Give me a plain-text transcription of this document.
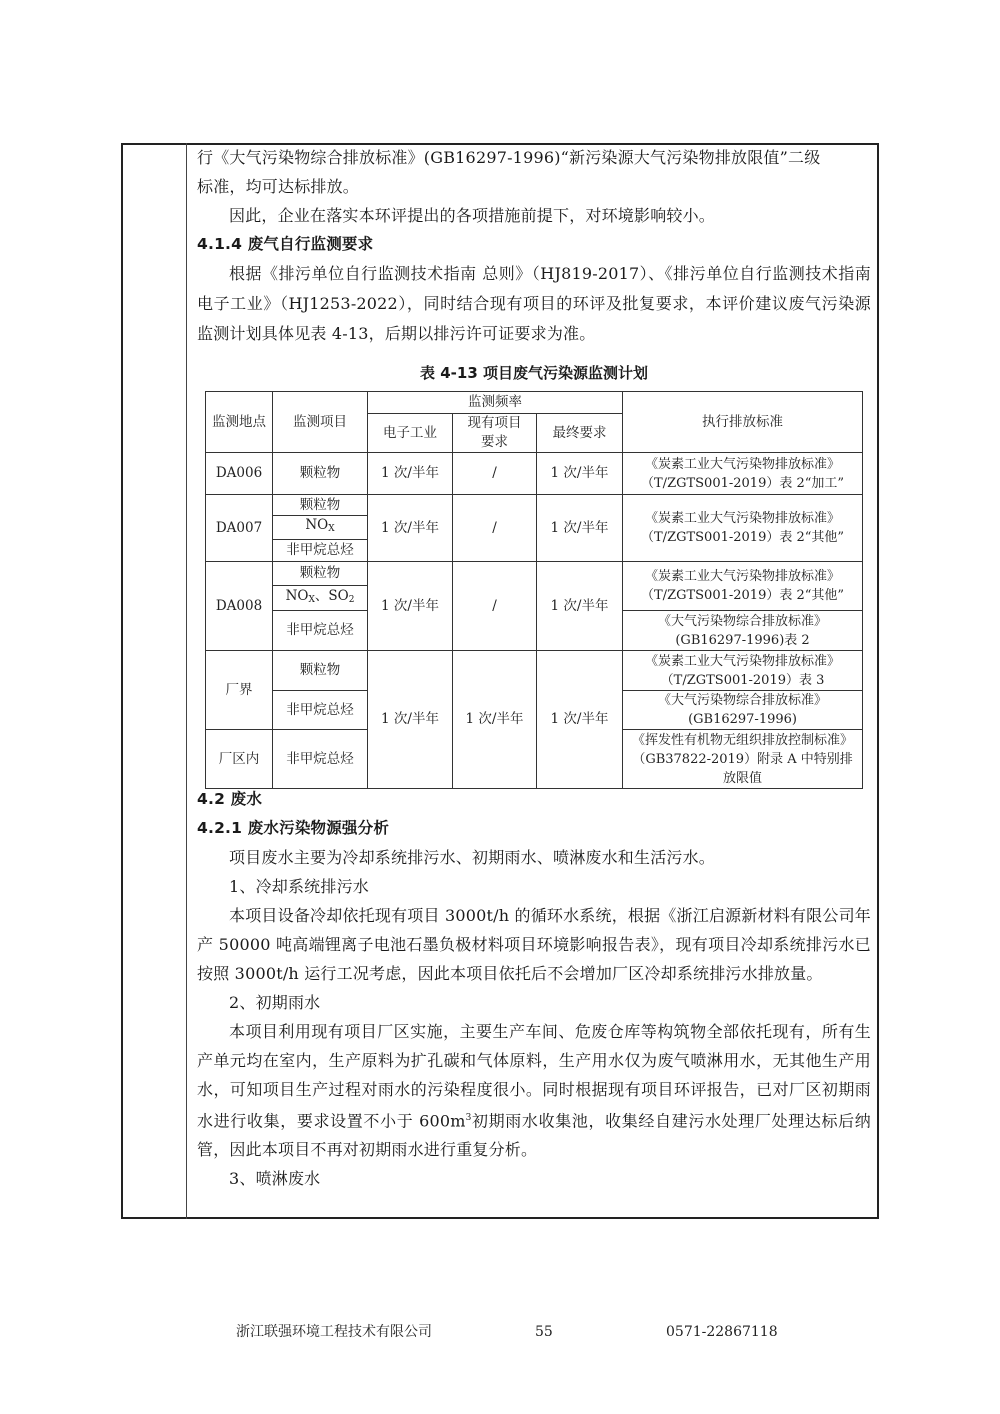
行《大气污染物综合排放标准》(GB16297-1996)“新污染源大气污染物排放限值”二级

标准，均可达标排放。

因此，企业在落实本环评提出的各项措施前提下，对环境影响较小。

4.1.4 废气自行监测要求

根据《排污单位自行监测技术指南 总则》（HJ819-2017）、《排污单位自行监测技术指南 电子工业》（HJ1253-2022），同时结合现有项目的环评及批复要求，本评价建议废气污染源监测计划具体见表 4-13，后期以排污许可证要求为准。

表 4-13 项目废气污染源监测计划

监测地点	监测项目	监测频率			执行排放标准
		电子工业	现有项目要求	最终要求	
DA006	颗粒物	1 次/半年	/	1 次/半年	《炭素工业大气污染物排放标准》（T/ZGTS001-2019）表 2“加工”
DA007	颗粒物	1 次/半年	/	1 次/半年	《炭素工业大气污染物排放标准》（T/ZGTS001-2019）表 2“其他”
	$NO_X$
	非甲烷总烃				
DA008	颗粒物	1 次/半年	/	1 次/半年	《炭素工业大气污染物排放标准》（T/ZGTS001-2019）表 2“其他”
	$NO_X$、$SO_2$
	非甲烷总烃				《大气污染物综合排放标准》(GB16297-1996)表 2
厂界	颗粒物	1 次/半年	1 次/半年	1 次/半年	《炭素工业大气污染物排放标准》（T/ZGTS001-2019）表 3
	非甲烷总烃				《大气污染物综合排放标准》(GB16297-1996)
厂区内	非甲烷总烃				《挥发性有机物无组织排放控制标准》（GB37822-2019）附录 A 中特别排放限值

4.2 废水

4.2.1 废水污染物源强分析

项目废水主要为冷却系统排污水、初期雨水、喷淋废水和生活污水。

1、冷却系统排污水

本项目设备冷却依托现有项目 3000t/h 的循环水系统，根据《浙江启源新材料有限公司年产 50000 吨高端锂离子电池石墨负极材料项目环境影响报告表》，现有项目冷却系统排污水已按照 3000t/h 运行工况考虑，因此本项目依托后不会增加厂区冷却系统排污水排放量。

2、初期雨水

本项目利用现有项目厂区实施，主要生产车间、危废仓库等构筑物全部依托现有，所有生产单元均在室内，生产原料为扩孔碳和气体原料，生产用水仅为废气喷淋用水，无其他生产用水，可知项目生产过程对雨水的污染程度很小。同时根据现有项目环评报告，已对厂区初期雨水进行收集，要求设置不小于 $600m^3$初期雨水收集池，收集经自建污水处理厂处理达标后纳管，因此本项目不再对初期雨水进行重复分析。

3、喷淋废水

浙江联强环境工程技术有限公司	55	0571-22867118
